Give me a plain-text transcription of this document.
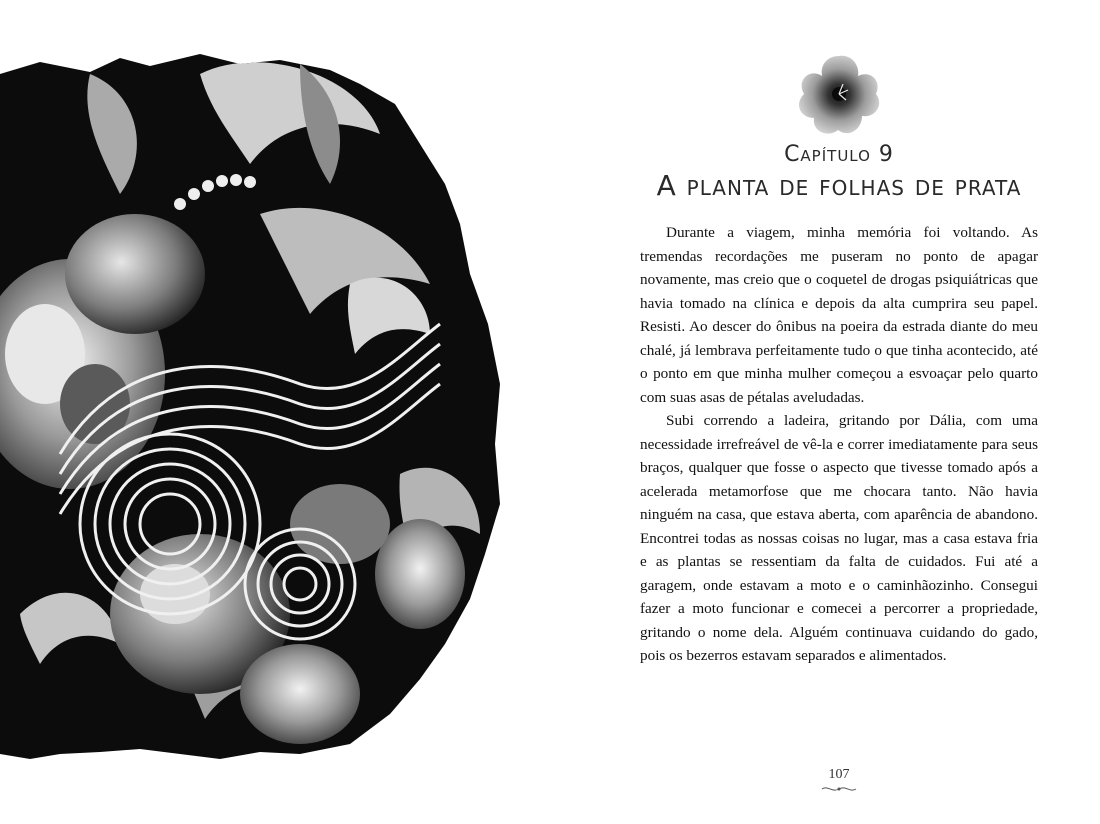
Capítulo 9
A planta de folhas de prata

Durante a viagem, minha memória foi voltando. As tremendas recordações me puseram no ponto de apagar novamente, mas creio que o coquetel de drogas psiquiátricas que havia tomado na clínica e depois da alta cumprira seu papel. Resisti. Ao descer do ônibus na poeira da estrada diante do meu chalé, já lembrava perfeitamente tudo o que tinha acontecido, até o ponto em que minha mulher começou a esvoaçar pelo quarto com suas asas de pétalas aveludadas.

Subi correndo a ladeira, gritando por Dália, com uma necessidade irrefreável de vê-la e correr imediatamente para seus braços, qualquer que fosse o aspecto que tivesse tomado após a acelerada metamorfose que me chocara tanto. Não havia ninguém na casa, que estava aberta, com aparência de abandono. Encontrei todas as nossas coisas no lugar, mas a casa estava fria e as plantas se ressentiam da falta de cuidados. Fui até a garagem, onde estavam a moto e o caminhãozinho. Consegui fazer a moto funcionar e comecei a percorrer a propriedade, gritando o nome dela. Alguém continuava cuidando do gado, pois os bezerros estavam separados e alimentados.

107
